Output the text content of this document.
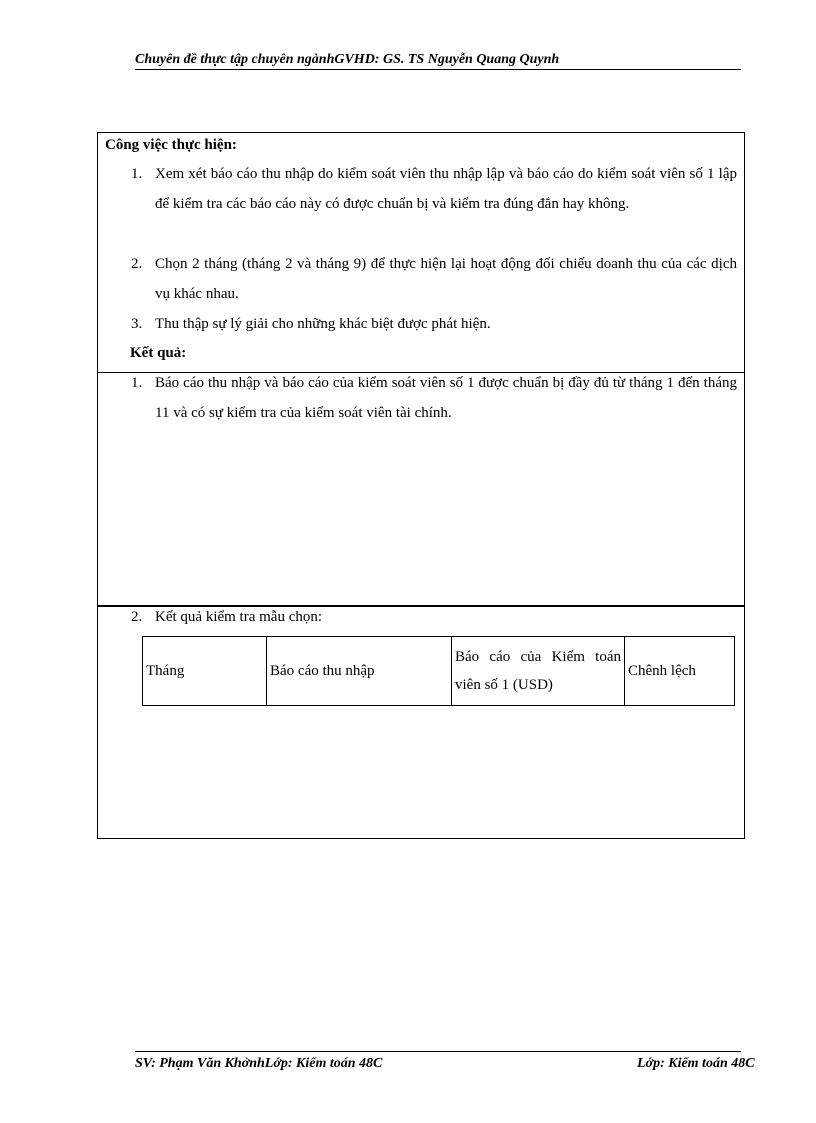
Chuyên đề thực tập chuyên ngànhGVHD: GS. TS Nguyễn Quang Quynh
Công việc thực hiện:
1. Xem xét báo cáo thu nhập do kiểm soát viên thu nhập lập và báo cáo do kiểm soát viên số 1 lập để kiểm tra các báo cáo này có được chuẩn bị và kiểm tra đúng đắn hay không.
2. Chọn 2 tháng (tháng 2 và tháng 9) để thực hiện lại hoạt động đối chiếu doanh thu của các dịch vụ khác nhau.
3. Thu thập sự lý giải cho những khác biệt được phát hiện.
Kết quả:
1. Báo cáo thu nhập và báo cáo của kiểm soát viên số 1 được chuẩn bị đầy đủ từ tháng 1 đến tháng 11 và có sự kiểm tra của kiểm soát viên tài chính.
2. Kết quả kiểm tra mẫu chọn:
Tháng	Báo cáo thu nhập	Báo cáo của Kiểm toán viên số 1 (USD)	Chênh lệch
SV: Phạm Văn KhởnhLớp: Kiểm toán 48C	Lớp: Kiểm toán 48C
